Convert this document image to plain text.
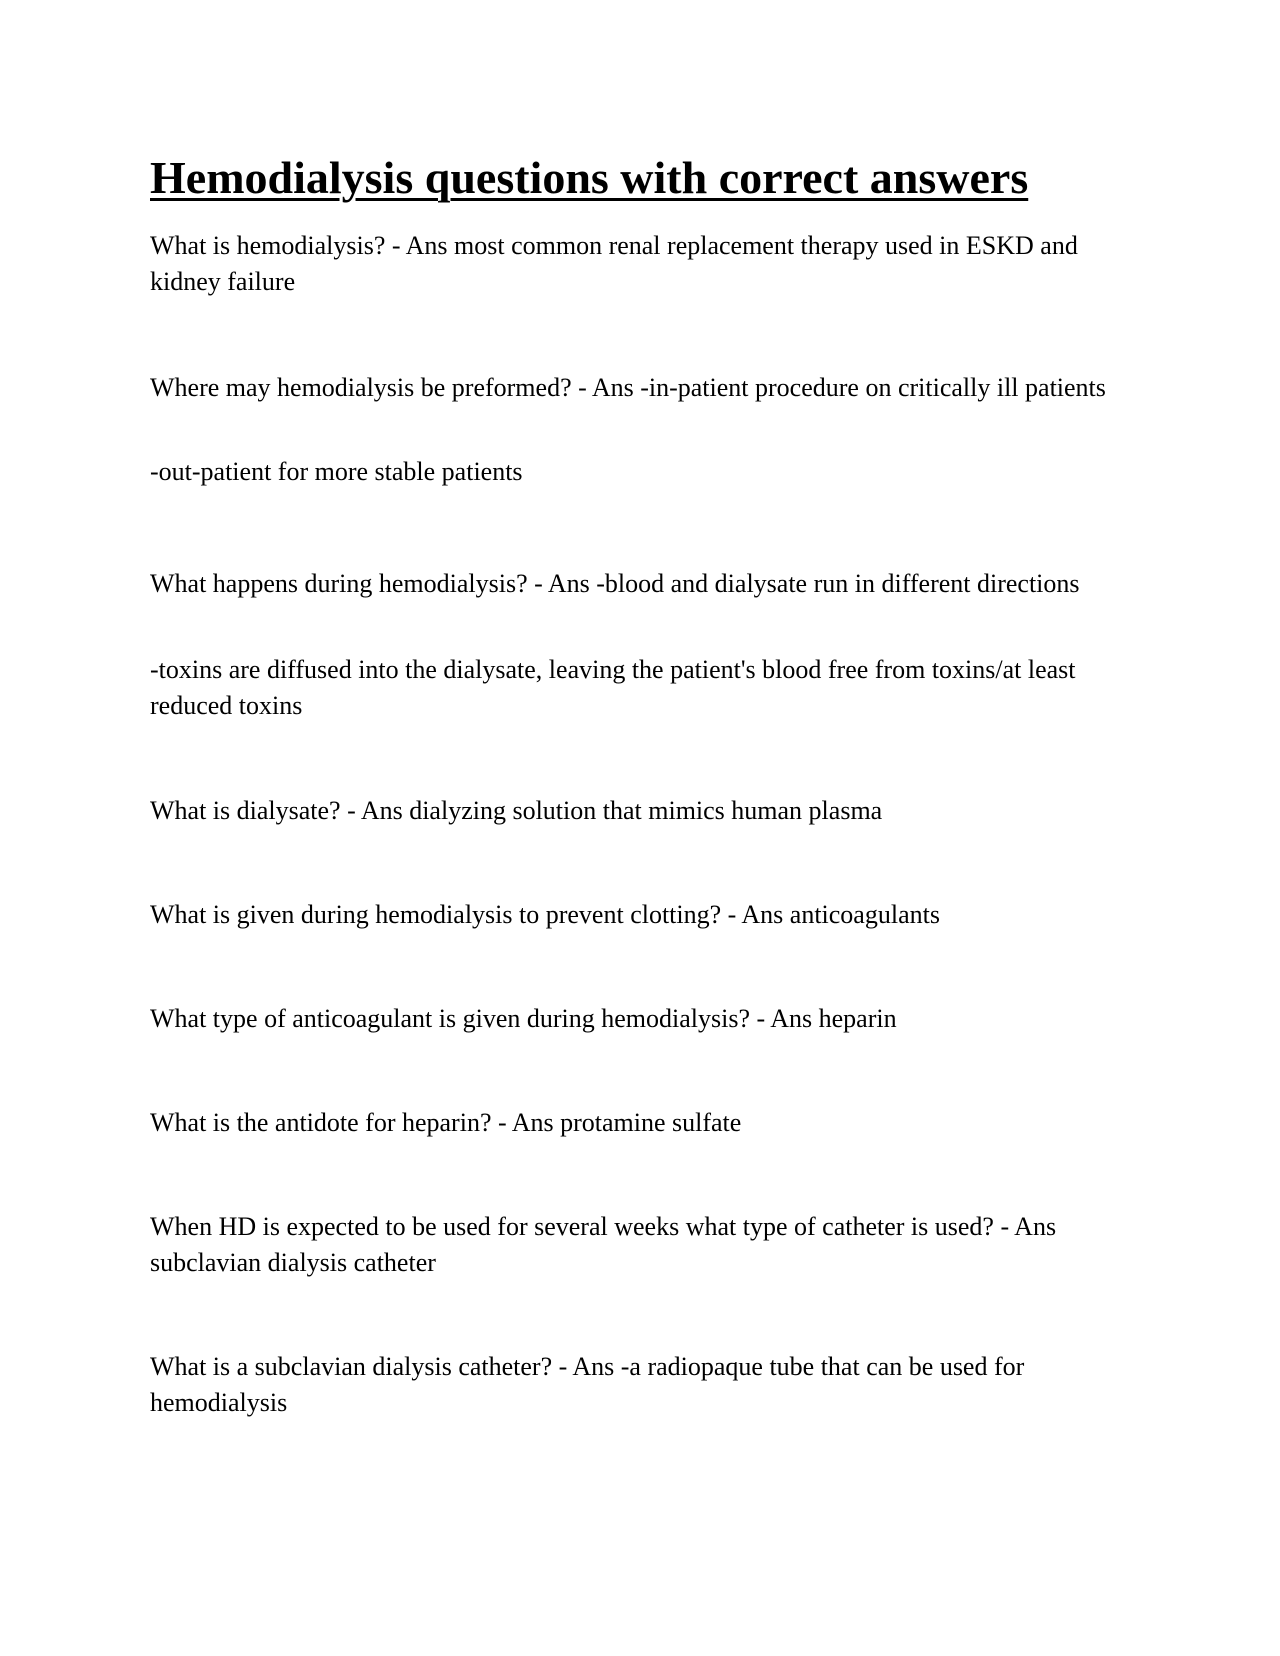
Hemodialysis questions with correct answers

What is hemodialysis? - Ans most common renal replacement therapy used in ESKD and kidney failure

Where may hemodialysis be preformed? - Ans -in-patient procedure on critically ill patients

-out-patient for more stable patients

What happens during hemodialysis? - Ans -blood and dialysate run in different directions

-toxins are diffused into the dialysate, leaving the patient's blood free from toxins/at least reduced toxins

What is dialysate? - Ans dialyzing solution that mimics human plasma

What is given during hemodialysis to prevent clotting? - Ans anticoagulants

What type of anticoagulant is given during hemodialysis? - Ans heparin

What is the antidote for heparin? - Ans protamine sulfate

When HD is expected to be used for several weeks what type of catheter is used? - Ans subclavian dialysis catheter

What is a subclavian dialysis catheter? - Ans -a radiopaque tube that can be used for hemodialysis
